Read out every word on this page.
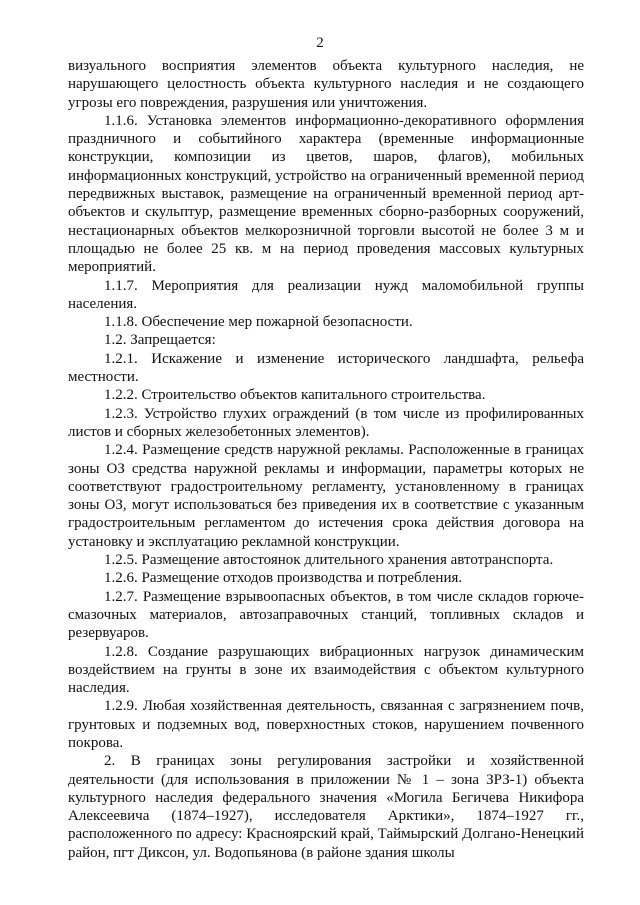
2

визуального восприятия элементов объекта культурного наследия, не нарушающего целостность объекта культурного наследия и не создающего угрозы его повреждения, разрушения или уничтожения.

1.1.6. Установка элементов информационно-декоративного оформления праздничного и событийного характера (временные информационные конструкции, композиции из цветов, шаров, флагов), мобильных информационных конструкций, устройство на ограниченный временной период передвижных выставок, размещение на ограниченный временной период арт-объектов и скульптур, размещение временных сборно-разборных сооружений, нестационарных объектов мелкорозничной торговли высотой не более 3 м и площадью не более 25 кв. м на период проведения массовых культурных мероприятий.

1.1.7. Мероприятия для реализации нужд маломобильной группы населения.

1.1.8. Обеспечение мер пожарной безопасности.

1.2. Запрещается:

1.2.1. Искажение и изменение исторического ландшафта, рельефа местности.

1.2.2. Строительство объектов капитального строительства.

1.2.3. Устройство глухих ограждений (в том числе из профилированных листов и сборных железобетонных элементов).

1.2.4. Размещение средств наружной рекламы. Расположенные в границах зоны ОЗ средства наружной рекламы и информации, параметры которых не соответствуют градостроительному регламенту, установленному в границах зоны ОЗ, могут использоваться без приведения их в соответствие с указанным градостроительным регламентом до истечения срока действия договора на установку и эксплуатацию рекламной конструкции.

1.2.5. Размещение автостоянок длительного хранения автотранспорта.

1.2.6. Размещение отходов производства и потребления.

1.2.7. Размещение взрывоопасных объектов, в том числе складов горюче-смазочных материалов, автозаправочных станций, топливных складов и резервуаров.

1.2.8. Создание разрушающих вибрационных нагрузок динамическим воздействием на грунты в зоне их взаимодействия с объектом культурного наследия.

1.2.9. Любая хозяйственная деятельность, связанная с загрязнением почв, грунтовых и подземных вод, поверхностных стоков, нарушением почвенного покрова.

2. В границах зоны регулирования застройки и хозяйственной деятельности (для использования в приложении № 1 – зона ЗРЗ-1) объекта культурного наследия федерального значения «Могила Бегичева Никифора Алексеевича (1874–1927), исследователя Арктики», 1874–1927 гг., расположенного по адресу: Красноярский край, Таймырский Долгано-Ненецкий район, пгт Диксон, ул. Водопьянова (в районе здания школы
